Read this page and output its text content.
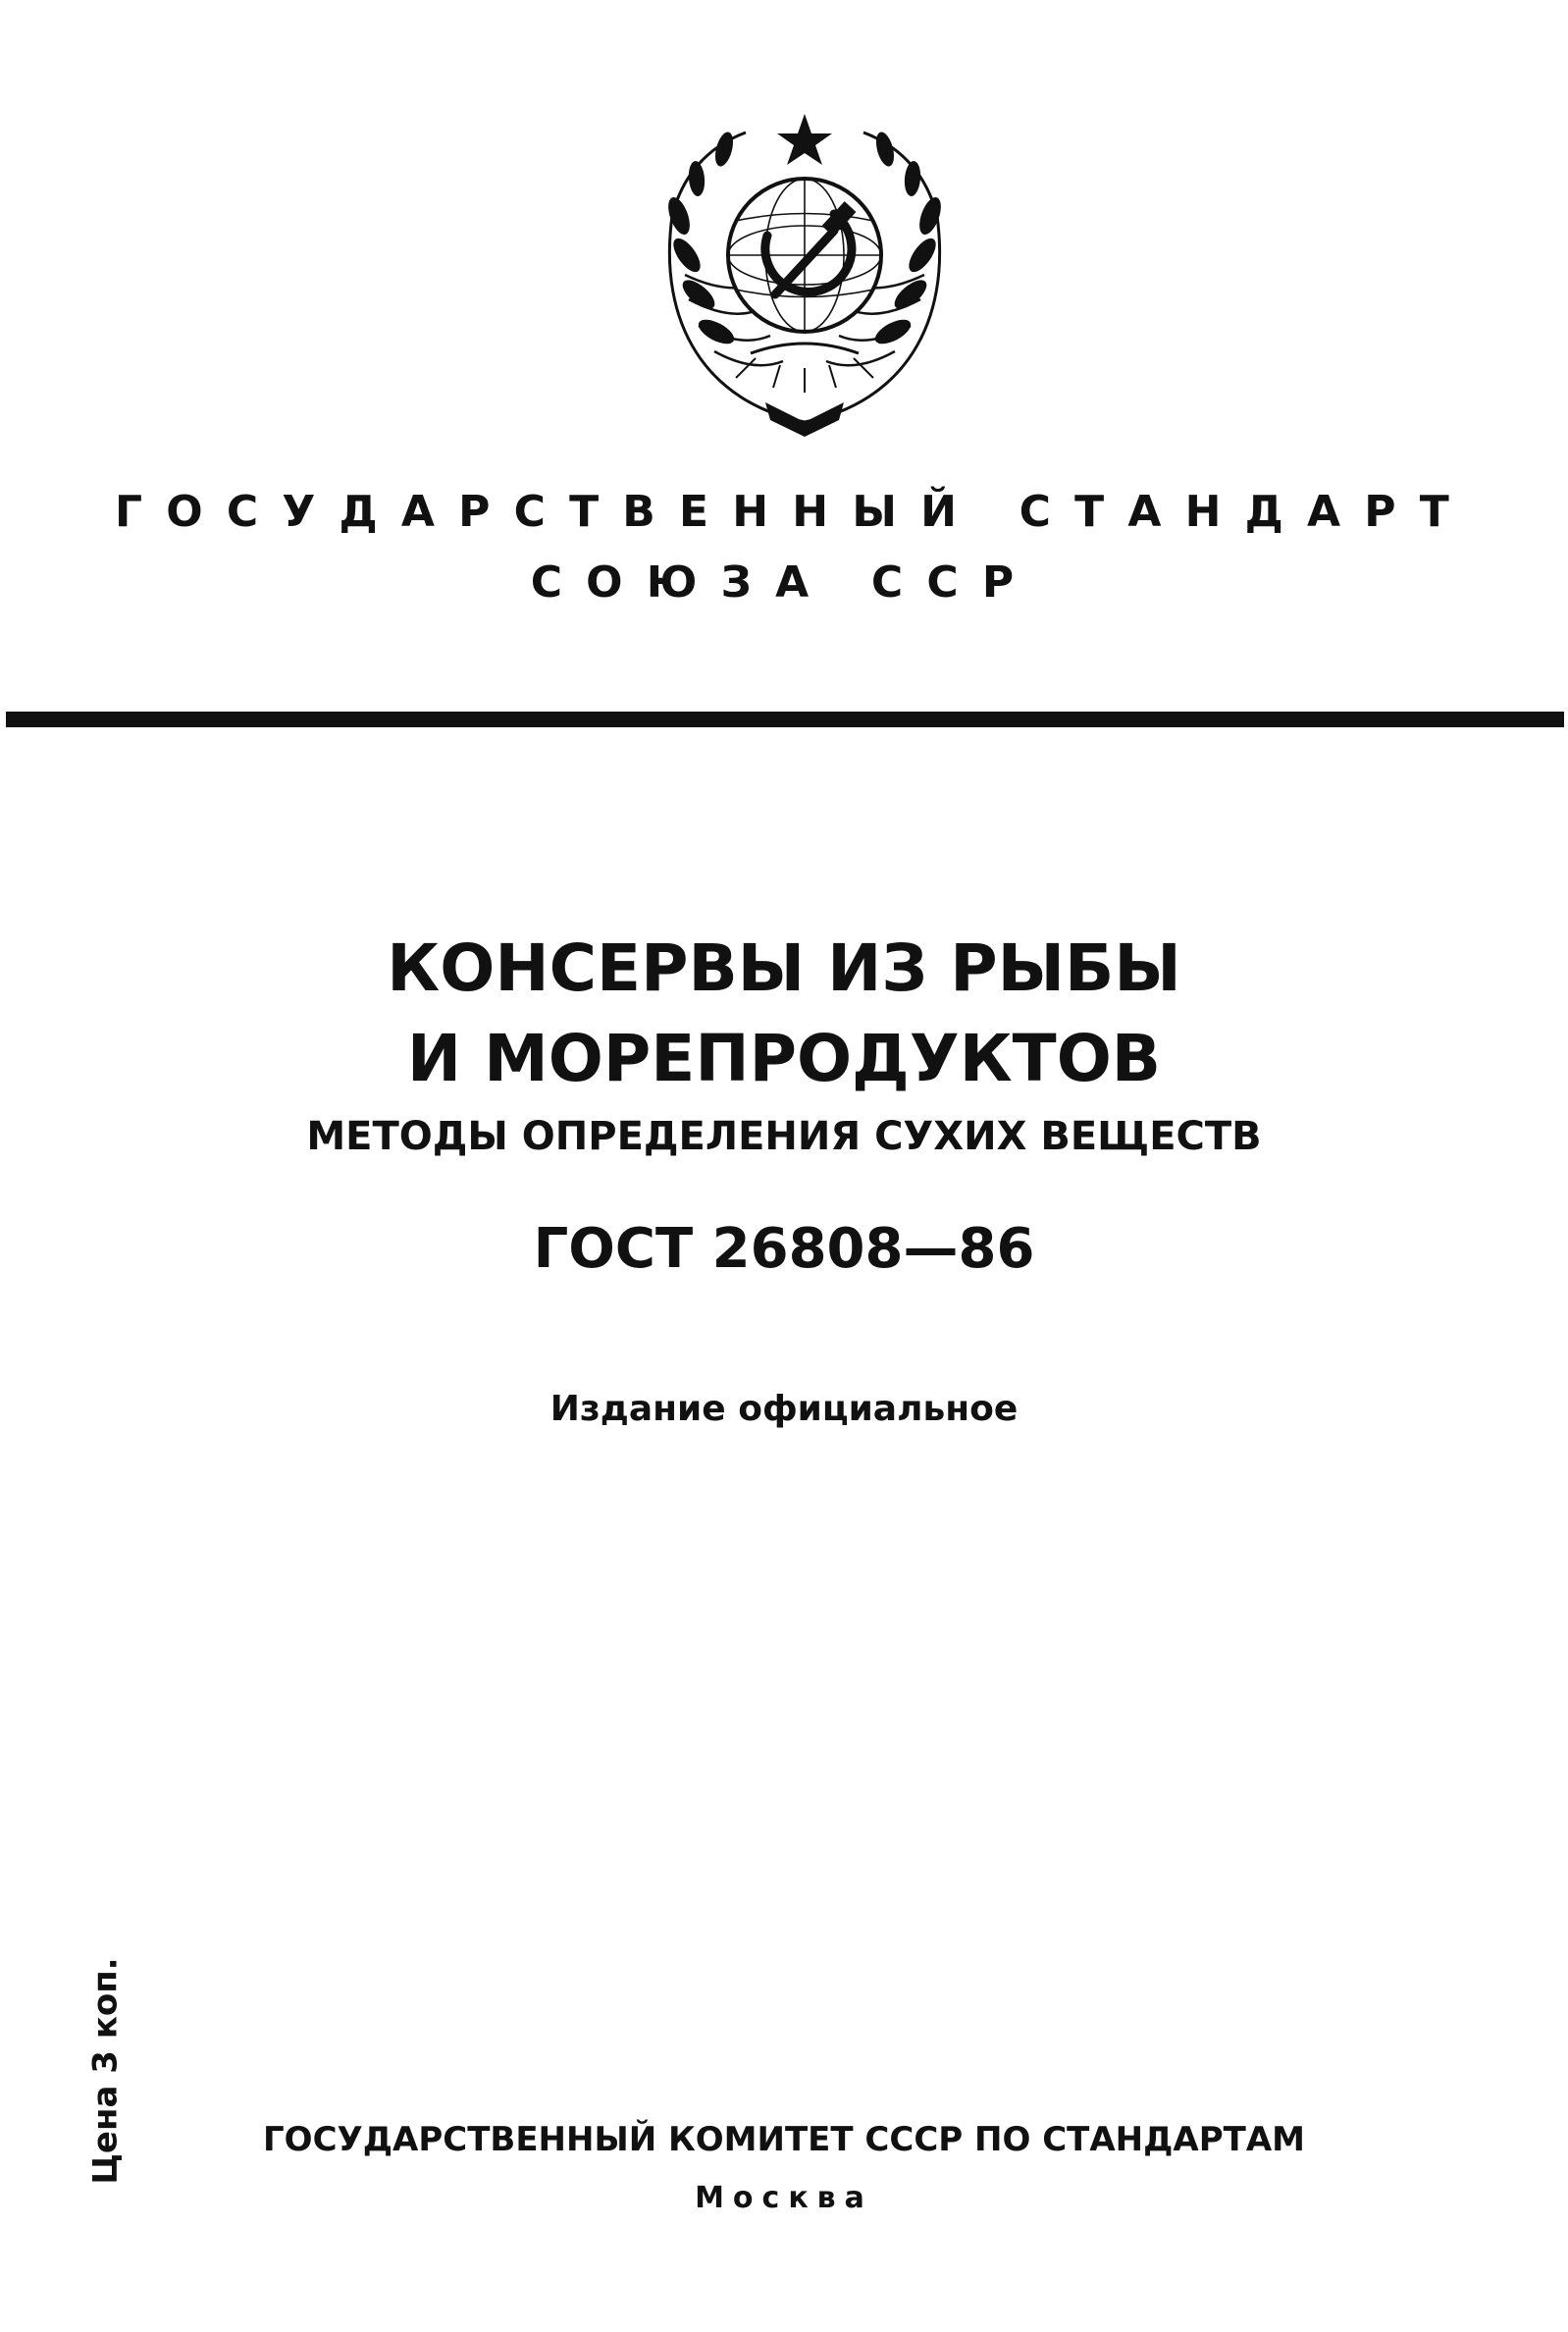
ГОСУДАРСТВЕННЫЙ СТАНДАРТ
СОЮЗА ССР
КОНСЕРВЫ ИЗ РЫБЫ
И МОРЕПРОДУКТОВ
МЕТОДЫ ОПРЕДЕЛЕНИЯ СУХИХ ВЕЩЕСТВ
ГОСТ 26808—86
Издание официальное
Цена 3 коп.	ГОСУДАРСТВЕННЫЙ КОМИТЕТ СССР ПО СТАНДАРТАМ
Москва
